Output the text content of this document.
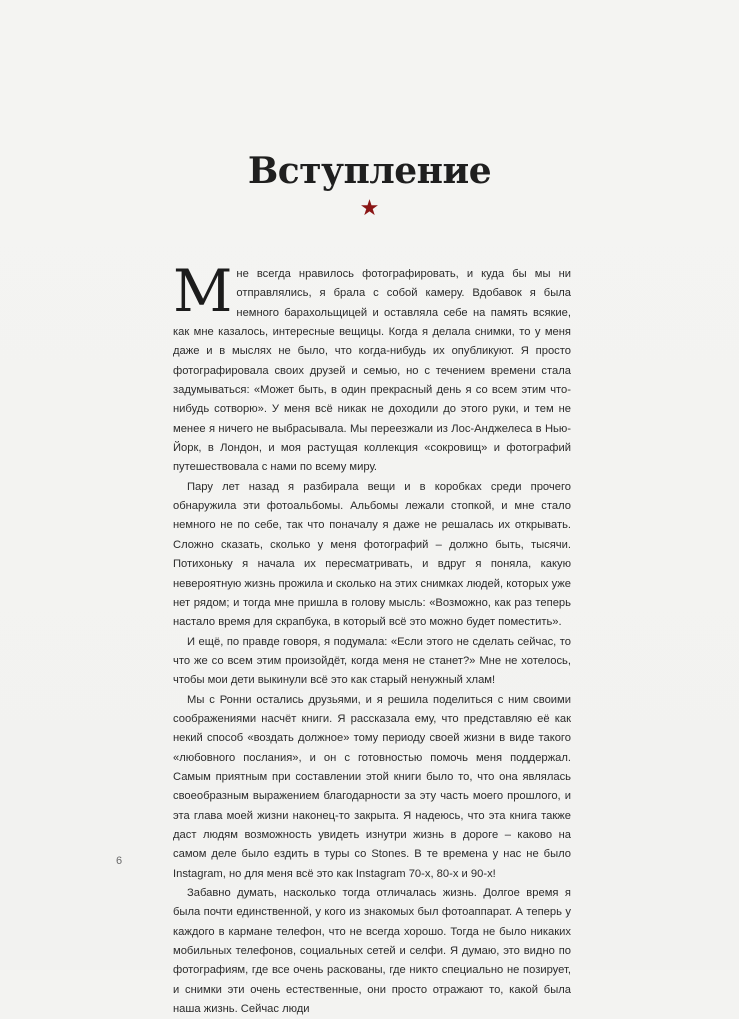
Вступление
★

Мне всегда нравилось фотографировать, и куда бы мы ни отправлялись, я брала с собой камеру. Вдобавок я была немного барахольщицей и оставляла себе на память всякие, как мне казалось, интересные вещицы. Когда я делала снимки, то у меня даже и в мыслях не было, что когда-нибудь их опубликуют. Я просто фотографировала своих друзей и семью, но с течением времени стала задумываться: «Может быть, в один прекрасный день я со всем этим что-нибудь сотворю». У меня всё никак не доходили до этого руки, и тем не менее я ничего не выбрасывала. Мы переезжали из Лос-Анджелеса в Нью-Йорк, в Лондон, и моя растущая коллекция «сокровищ» и фотографий путешествовала с нами по всему миру.

Пару лет назад я разбирала вещи и в коробках среди прочего обнаружила эти фотоальбомы. Альбомы лежали стопкой, и мне стало немного не по себе, так что поначалу я даже не решалась их открывать. Сложно сказать, сколько у меня фотографий – должно быть, тысячи. Потихоньку я начала их пересматривать, и вдруг я поняла, какую невероятную жизнь прожила и сколько на этих снимках людей, которых уже нет рядом; и тогда мне пришла в голову мысль: «Возможно, как раз теперь настало время для скрапбука, в который всё это можно будет поместить».

И ещё, по правде говоря, я подумала: «Если этого не сделать сейчас, то что же со всем этим произойдёт, когда меня не станет?» Мне не хотелось, чтобы мои дети выкинули всё это как старый ненужный хлам!

Мы с Ронни остались друзьями, и я решила поделиться с ним своими соображениями насчёт книги. Я рассказала ему, что представляю её как некий способ «воздать должное» тому периоду своей жизни в виде такого «любовного послания», и он с готовностью помочь меня поддержал. Самым приятным при составлении этой книги было то, что она являлась своеобразным выражением благодарности за эту часть моего прошлого, и эта глава моей жизни наконец-то закрыта. Я надеюсь, что эта книга также даст людям возможность увидеть изнутри жизнь в дороге – каково на самом деле было ездить в туры со Stones. В те времена у нас не было Instagram, но для меня всё это как Instagram 70-х, 80-х и 90-х!

Забавно думать, насколько тогда отличалась жизнь. Долгое время я была почти единственной, у кого из знакомых был фотоаппарат. А теперь у каждого в кармане телефон, что не всегда хорошо. Тогда не было никаких мобильных телефонов, социальных сетей и селфи. Я думаю, это видно по фотографиям, где все очень раскованы, где никто специально не позирует, и снимки эти очень естественные, они просто отражают то, какой была наша жизнь. Сейчас люди

6
